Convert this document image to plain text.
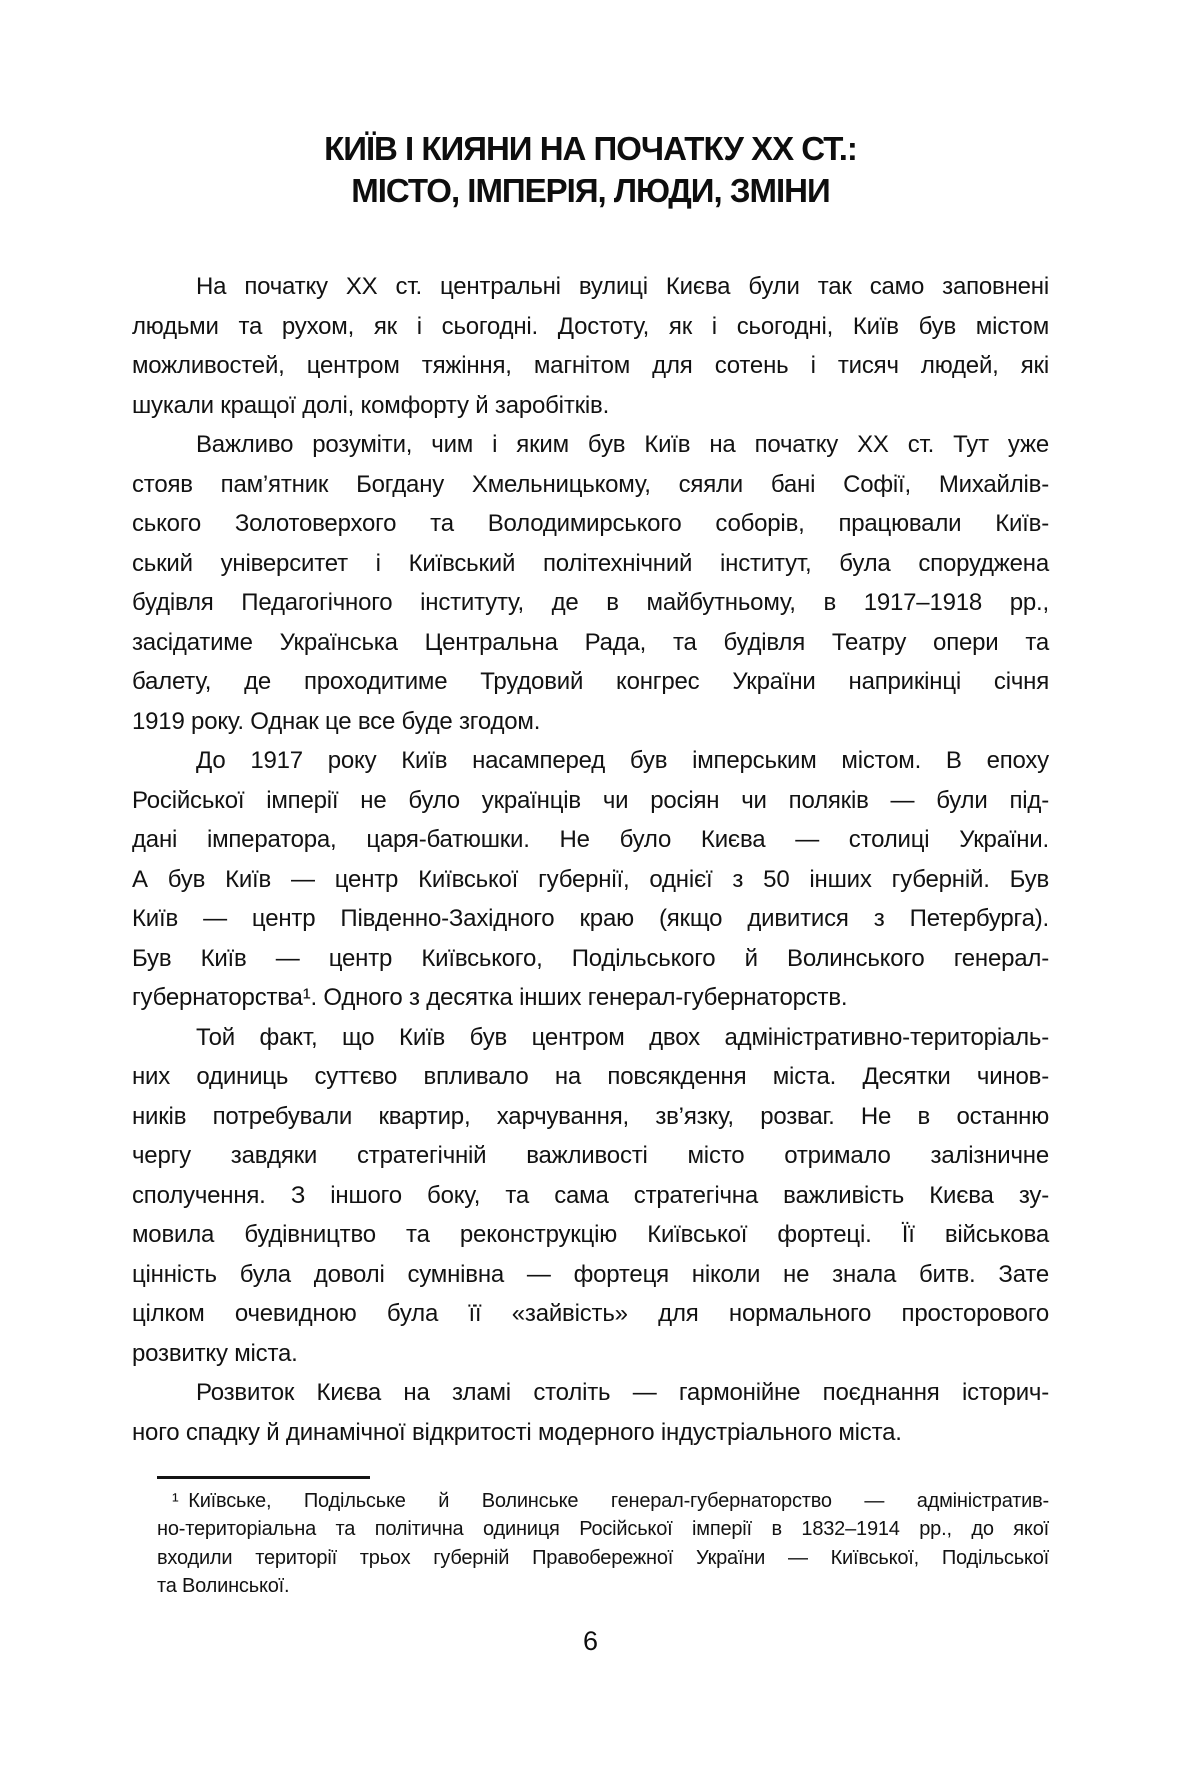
КИЇВ І КИЯНИ НА ПОЧАТКУ XX СТ.:
МІСТО, ІМПЕРІЯ, ЛЮДИ, ЗМІНИ
На початку XX ст. центральні вулиці Києва були так само заповнені
людьми та рухом, як і сьогодні. Достоту, як і сьогодні, Київ був містом
можливостей, центром тяжіння, магнітом для сотень і тисяч людей, які
шукали кращої долі, комфорту й заробітків.
Важливо розуміти, чим і яким був Київ на початку XX ст. Тут уже
стояв пам’ятник Богдану Хмельницькому, сяяли бані Софії, Михайлів-
ського Золотоверхого та Володимирського соборів, працювали Київ-
ський університет і Київський політехнічний інститут, була споруджена
будівля Педагогічного інституту, де в майбутньому, в 1917–1918 рр.,
засідатиме Українська Центральна Рада, та будівля Театру опери та
балету, де проходитиме Трудовий конгрес України наприкінці січня
1919 року. Однак це все буде згодом.
До 1917 року Київ насамперед був імперським містом. В епоху
Російської імперії не було українців чи росіян чи поляків — були під-
дані імператора, царя-батюшки. Не було Києва — столиці України.
А був Київ — центр Київської губернії, однієї з 50 інших губерній. Був
Київ — центр Південно-Західного краю (якщо дивитися з Петербурга).
Був Київ — центр Київського, Подільського й Волинського генерал-
губернаторства¹. Одного з десятка інших генерал-губернаторств.
Той факт, що Київ був центром двох адміністративно-територіаль-
них одиниць суттєво впливало на повсякдення міста. Десятки чинов-
ників потребували квартир, харчування, зв’язку, розваг. Не в останню
чергу завдяки стратегічній важливості місто отримало залізничне
сполучення. З іншого боку, та сама стратегічна важливість Києва зу-
мовила будівництво та реконструкцію Київської фортеці. Її військова
цінність була доволі сумнівна — фортеця ніколи не знала битв. Зате
цілком очевидною була її «зайвість» для нормального просторового
розвитку міста.
Розвиток Києва на зламі століть — гармонійне поєднання історич-
ного спадку й динамічної відкритості модерного індустріального міста.
¹ Київське, Подільське й Волинське генерал-губернаторство — адміністратив-
но-територіальна та політична одиниця Російської імперії в 1832–1914 рр., до якої
входили території трьох губерній Правобережної України — Київської, Подільської
та Волинської.
6
